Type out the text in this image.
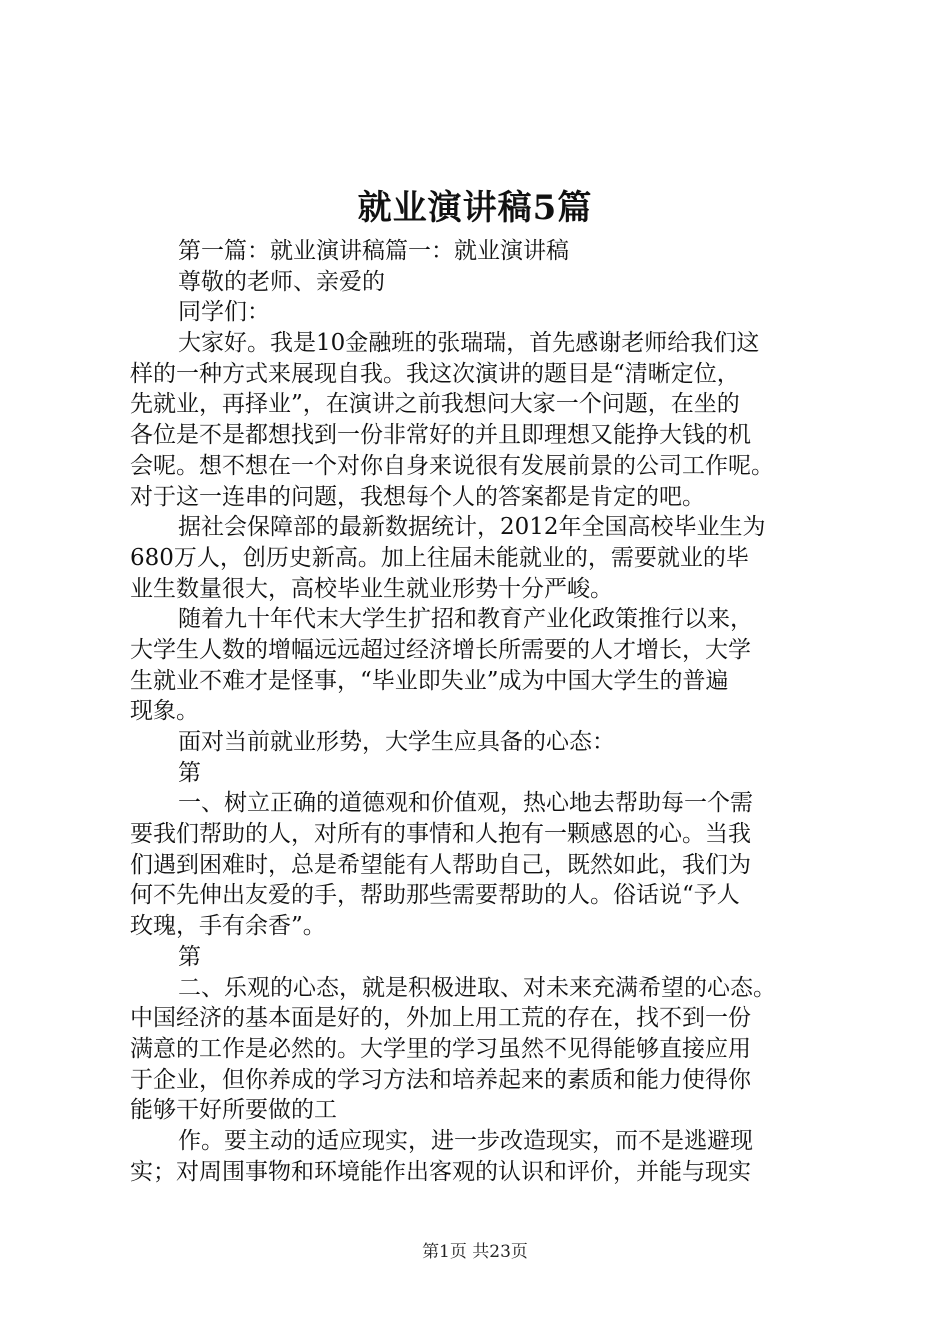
就业演讲稿5篇
第一篇：就业演讲稿篇一：就业演讲稿
尊敬的老师、亲爱的
同学们：
大家好。我是10金融班的张瑞瑞，首先感谢老师给我们这
样的一种方式来展现自我。我这次演讲的题目是“清晰定位，
先就业，再择业”，在演讲之前我想问大家一个问题，在坐的
各位是不是都想找到一份非常好的并且即理想又能挣大钱的机
会呢。想不想在一个对你自身来说很有发展前景的公司工作呢。
对于这一连串的问题，我想每个人的答案都是肯定的吧。
据社会保障部的最新数据统计，2012年全国高校毕业生为
680万人，创历史新高。加上往届未能就业的，需要就业的毕
业生数量很大，高校毕业生就业形势十分严峻。
随着九十年代末大学生扩招和教育产业化政策推行以来，
大学生人数的增幅远远超过经济增长所需要的人才增长，大学
生就业不难才是怪事，“毕业即失业”成为中国大学生的普遍
现象。
面对当前就业形势，大学生应具备的心态：
第
一、树立正确的道德观和价值观，热心地去帮助每一个需
要我们帮助的人，对所有的事情和人抱有一颗感恩的心。当我
们遇到困难时，总是希望能有人帮助自己，既然如此，我们为
何不先伸出友爱的手，帮助那些需要帮助的人。俗话说“予人
玫瑰，手有余香”。
第
二、乐观的心态，就是积极进取、对未来充满希望的心态。
中国经济的基本面是好的，外加上用工荒的存在，找不到一份
满意的工作是必然的。大学里的学习虽然不见得能够直接应用
于企业，但你养成的学习方法和培养起来的素质和能力使得你
能够干好所要做的工
作。要主动的适应现实，进一步改造现实，而不是逃避现
实；对周围事物和环境能作出客观的认识和评价，并能与现实
第1页 共23页
